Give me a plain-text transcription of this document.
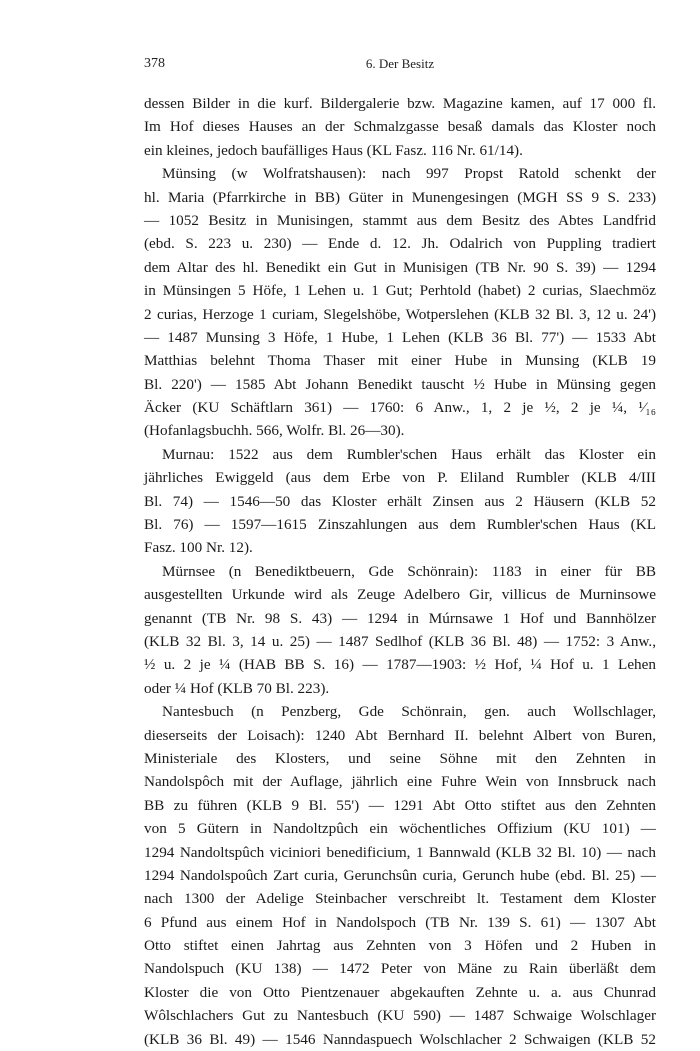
378	6. Der Besitz
dessen Bilder in die kurf. Bildergalerie bzw. Magazine kamen, auf 17 000 fl.
Im Hof dieses Hauses an der Schmalzgasse besaß damals das Kloster noch
ein kleines, jedoch baufälliges Haus (KL Fasz. 116 Nr. 61/14).
Münsing (w Wolfratshausen): nach 997 Propst Ratold schenkt der
hl. Maria (Pfarrkirche in BB) Güter in Munengesingen (MGH SS 9 S. 233)
— 1052 Besitz in Munisingen, stammt aus dem Besitz des Abtes Landfrid
(ebd. S. 223 u. 230) — Ende d. 12. Jh. Odalrich von Puppling tradiert
dem Altar des hl. Benedikt ein Gut in Munisigen (TB Nr. 90 S. 39) — 1294
in Münsingen 5 Höfe, 1 Lehen u. 1 Gut; Perhtold (habet) 2 curias, Slaechmöz
2 curias, Herzoge 1 curiam, Slegelshöbe, Wotperslehen (KLB 32 Bl. 3, 12 u. 24')
— 1487 Munsing 3 Höfe, 1 Hube, 1 Lehen (KLB 36 Bl. 77') — 1533 Abt
Matthias belehnt Thoma Thaser mit einer Hube in Munsing (KLB 19
Bl. 220') — 1585 Abt Johann Benedikt tauscht ½ Hube in Münsing gegen
Äcker (KU Schäftlarn 361) — 1760: 6 Anw., 1, 2 je ½, 2 je ¼, ¹⁄₁₆
(Hofanlagsbuchh. 566, Wolfr. Bl. 26—30).
Murnau: 1522 aus dem Rumbler'schen Haus erhält das Kloster ein
jährliches Ewiggeld (aus dem Erbe von P. Eliland Rumbler (KLB 4/III
Bl. 74) — 1546—50 das Kloster erhält Zinsen aus 2 Häusern (KLB 52
Bl. 76) — 1597—1615 Zinszahlungen aus dem Rumbler'schen Haus (KL
Fasz. 100 Nr. 12).
Mürnsee (n Benediktbeuern, Gde Schönrain): 1183 in einer für BB
ausgestellten Urkunde wird als Zeuge Adelbero Gir, villicus de Murninsowe
genannt (TB Nr. 98 S. 43) — 1294 in Múrnsawe 1 Hof und Bannhölzer
(KLB 32 Bl. 3, 14 u. 25) — 1487 Sedlhof (KLB 36 Bl. 48) — 1752: 3 Anw.,
½ u. 2 je ¼ (HAB BB S. 16) — 1787—1903: ½ Hof, ¼ Hof u. 1 Lehen
oder ¼ Hof (KLB 70 Bl. 223).
Nantesbuch (n Penzberg, Gde Schönrain, gen. auch Wollschlager,
dieserseits der Loisach): 1240 Abt Bernhard II. belehnt Albert von Buren,
Ministeriale des Klosters, und seine Söhne mit den Zehnten in
Nandolspôch mit der Auflage, jährlich eine Fuhre Wein von Innsbruck nach
BB zu führen (KLB 9 Bl. 55') — 1291 Abt Otto stiftet aus den Zehnten
von 5 Gütern in Nandoltzpûch ein wöchentliches Offizium (KU 101) —
1294 Nandoltspûch viciniori benedificium, 1 Bannwald (KLB 32 Bl. 10) — nach
1294 Nandolspoûch Zart curia, Gerunchsûn curia, Gerunch hube (ebd. Bl. 25) —
nach 1300 der Adelige Steinbacher verschreibt lt. Testament dem Kloster
6 Pfund aus einem Hof in Nandolspoch (TB Nr. 139 S. 61) — 1307 Abt
Otto stiftet einen Jahrtag aus Zehnten von 3 Höfen und 2 Huben in
Nandolspuch (KU 138) — 1472 Peter von Mäne zu Rain überläßt dem
Kloster die von Otto Pientzenauer abgekauften Zehnte u. a. aus Chunrad
Wôlschlachers Gut zu Nantesbuch (KU 590) — 1487 Schwaige Wolschlager
(KLB 36 Bl. 49) — 1546 Nanndaspuech Wolschlacher 2 Schwaigen (KLB 52
